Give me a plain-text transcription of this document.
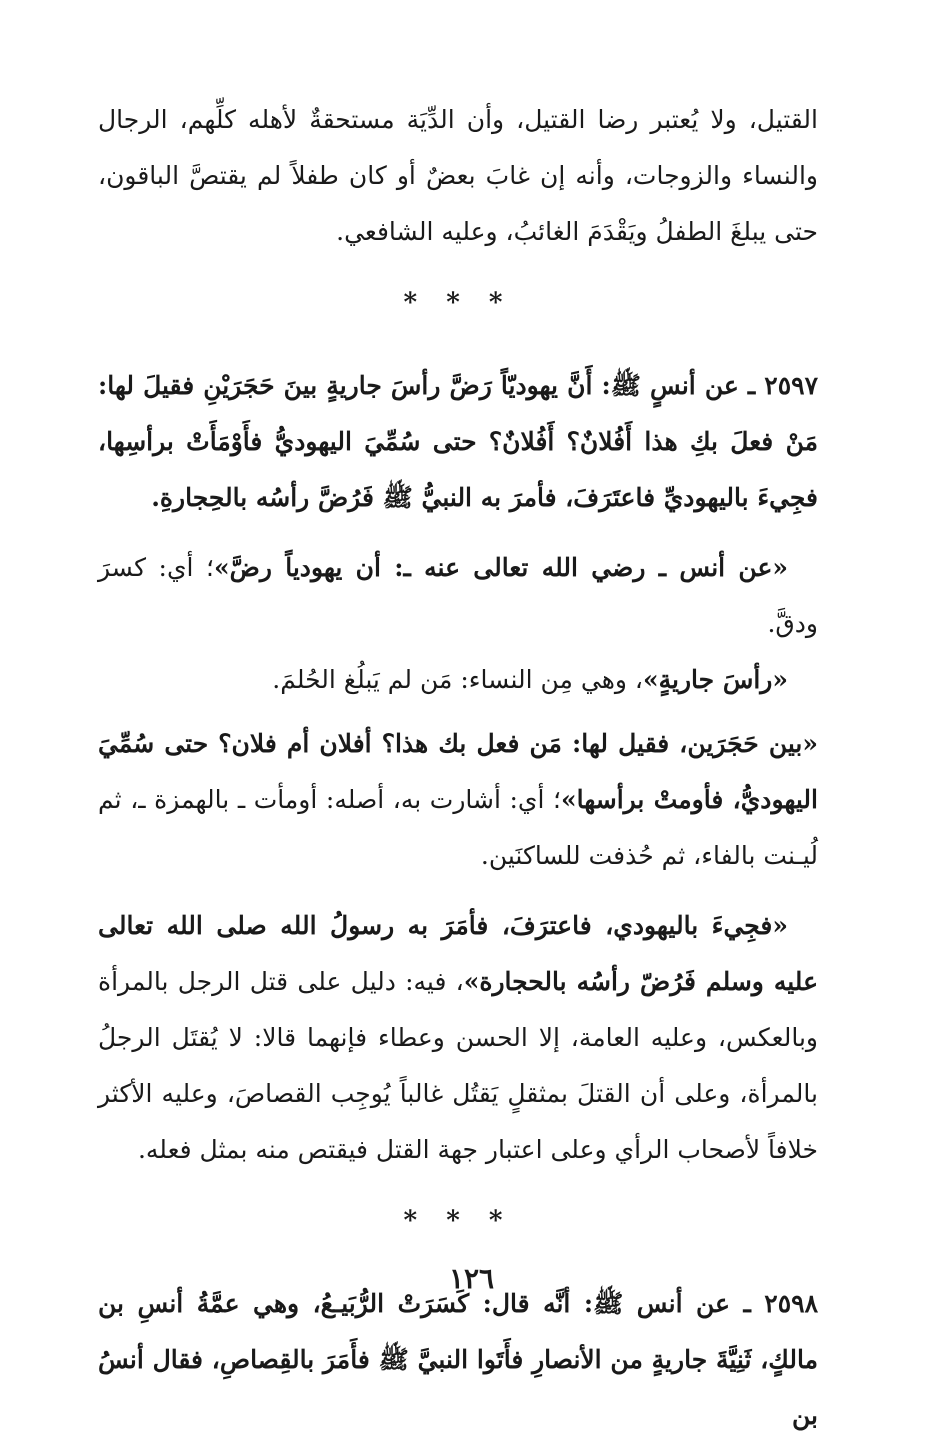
القتيل، ولا يُعتبر رضا القتيل، وأن الدِّيَة مستحقةٌ لأهله كلِّهم، الرجال والنساء والزوجات، وأنه إن غابَ بعضٌ أو كان طفلاً لم يقتصَّ الباقون، حتى يبلغَ الطفلُ ويَقْدَمَ الغائبُ، وعليه الشافعي.

* * *

٢٥٩٧ ـ عن أنسٍ ﷺ: أَنَّ يهوديّاً رَضَّ رأسَ جاريةٍ بينَ حَجَرَيْنِ فقيلَ لها: مَنْ فعلَ بكِ هذا أَفُلانٌ؟ أَفُلانٌ؟ حتى سُمِّيَ اليهوديُّ فأَوْمَأَتْ برأسِها، فجِيءَ باليهوديِّ فاعتَرَفَ، فأمرَ به النبيُّ ﷺ فَرُضَّ رأسُه بالحِجارةِ.

«عن أنس ـ رضي الله تعالى عنه ـ: أن يهودياً رضَّ»؛ أي: كسرَ ودقَّ.

«رأسَ جاريةٍ»، وهي مِن النساء: مَن لم يَبلُغ الحُلمَ.

«بين حَجَرَين، فقيل لها: مَن فعل بك هذا؟ أفلان أم فلان؟ حتى سُمِّيَ اليهوديُّ، فأومتْ برأسها»؛ أي: أشارت به، أصله: أومأت ـ بالهمزة ـ، ثم لُيـنت بالفاء، ثم حُذفت للساكنَين.

«فجِيءَ باليهودي، فاعترَفَ، فأمَرَ به رسولُ الله صلى الله تعالى عليه وسلم فَرُضّ رأسُه بالحجارة»، فيه: دليل على قتل الرجل بالمرأة وبالعكس، وعليه العامة، إلا الحسن وعطاء فإنهما قالا: لا يُقتَل الرجلُ بالمرأة، وعلى أن القتلَ بمثقلٍ يَقتُل غالباً يُوجِب القصاصَ، وعليه الأكثر خلافاً لأصحاب الرأي وعلى اعتبار جهة القتل فيقتص منه بمثل فعله.

* * *

٢٥٩٨ ـ عن أنس ﷺ: أنَّه قال: كَسَرَتْ الرُّبَيـعُ، وهي عمَّةُ أنسِ بن مالكٍ، ثَنِيَّةَ جاريةٍ من الأنصارِ فأَتَوا النبيَّ ﷺ فأَمَرَ بالقِصاصِ، فقال أنسُ بن

١٢٦
